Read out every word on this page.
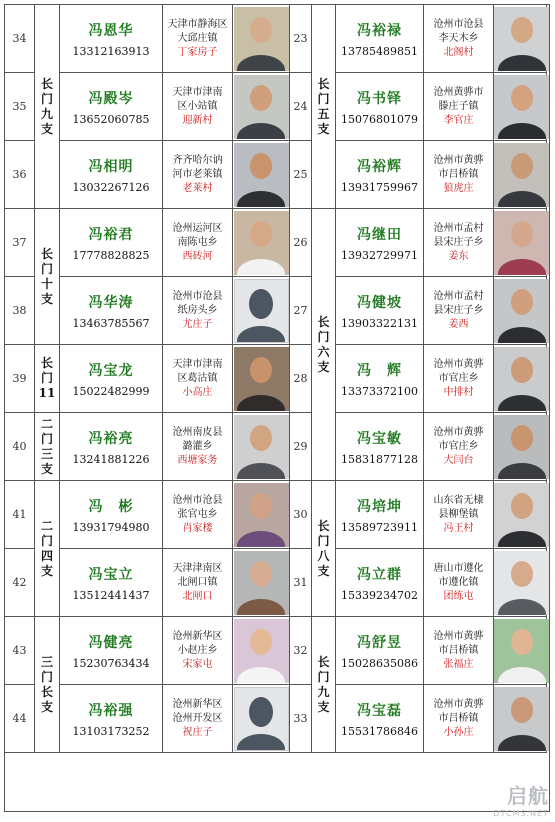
34	长
门
九
支	冯恩华
13312163913	天津市静海区
大邱庄镇
丁家房子		23	长
门
五
支	冯裕禄
13785489851	沧州市沧县
李天木乡
北阁村	

35		冯殿岑
13652060785	天津市津南
区小站镇
迎新村		24		冯书铎
15076801079	沧州黄骅市
滕庄子镇
李官庄	

36		冯相明
13032267126	齐齐哈尔讷
河市老莱镇
老莱村		25		冯裕辉
13931759967	沧州市黄骅
市吕桥镇
狼虎庄	

37	长
门
十
支	冯裕君
17778828825	沧州运河区
南陈屯乡
西砖河		26	长
门
六
支	冯继田
13932729971	沧州市孟村
县宋庄子乡
姜东	

38		冯华涛
13463785567	沧州市沧县
纸房头乡
尤庄子		27		冯健坡
13903322131	沧州市孟村
县宋庄子乡
姜西	

39	长
门
11	冯宝龙
15022482999	天津市津南
区葛沽镇
小高庄		28		冯　辉
13373372100	沧州市黄骅
市官庄乡
中排村	

40	二
门
三
支	冯裕亮
13241881226	沧州南皮县
潞灌乡
西塘家务		29		冯宝敏
15831877128	沧州市黄骅
市官庄乡
大闫台	

41	二
门
四
支	冯　彬
13931794980	沧州市沧县
张官屯乡
肖家楼		30	长
门
八
支	冯培坤
13589723911	山东省无棣
县柳堡镇
冯王村	

42		冯宝立
13512441437	天津津南区
北闸口镇
北闸口		31		冯立群
15339234702	唐山市遵化
市遵化镇
团练屯	

43	三
门
长
支	冯健亮
15230763434	沧州新华区
小赵庄乡
宋家屯		32	长
门
九
支	冯舒昱
15028635086	沧州市黄骅
市吕桥镇
张福庄	

44		冯裕强
13103173252	沧州新华区
沧州开发区
祝庄子		33		冯宝磊
15531786846	沧州市黄骅
市吕桥镇
小孙庄	

启航
DTCMS.NET
